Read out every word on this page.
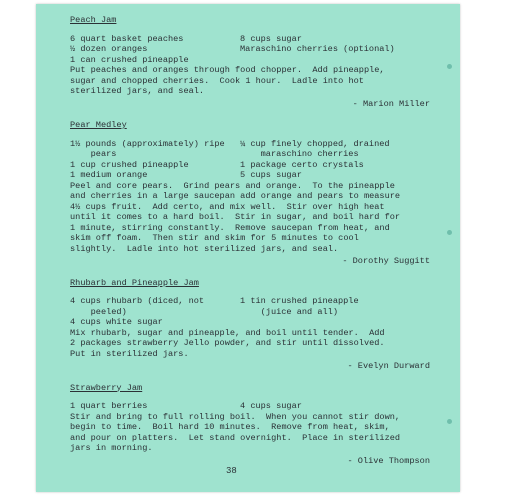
Peach Jam
6 quart basket peaches
½ dozen oranges
8 cups sugar
Maraschino cherries (optional)
1 can crushed pineapple
Put peaches and oranges through food chopper.  Add pineapple,
sugar and chopped cherries.  Cook 1 hour.  Ladle into hot
sterilized jars, and seal.
- Marion Miller
Pear Medley
1½ pounds (approximately) ripe
pears
1 cup crushed pineapple
1 medium orange
¼ cup finely chopped, drained
maraschino cherries
1 package certo crystals
5 cups sugar
Peel and core pears.  Grind pears and orange.  To the pineapple
and cherries in a large saucepan add orange and pears to measure
4½ cups fruit.  Add certo, and mix well.  Stir over high heat
until it comes to a hard boil.  Stir in sugar, and boil hard for
1 minute, stirring constantly.  Remove saucepan from heat, and
skim off foam.  Then stir and skim for 5 minutes to cool
slightly.  Ladle into hot sterilized jars, and seal.
- Dorothy Suggitt
Rhubarb and Pineapple Jam
4 cups rhubarb (diced, not
peeled)
4 cups white sugar
1 tin crushed pineapple
(juice and all)
Mix rhubarb, sugar and pineapple, and boil until tender.  Add
2 packages strawberry Jello powder, and stir until dissolved.
Put in sterilized jars.
- Evelyn Durward
Strawberry Jam
1 quart berries	4 cups sugar
Stir and bring to full rolling boil.  When you cannot stir down,
begin to time.  Boil hard 10 minutes.  Remove from heat, skim,
and pour on platters.  Let stand overnight.  Place in sterilized
jars in morning.
- Olive Thompson
38
